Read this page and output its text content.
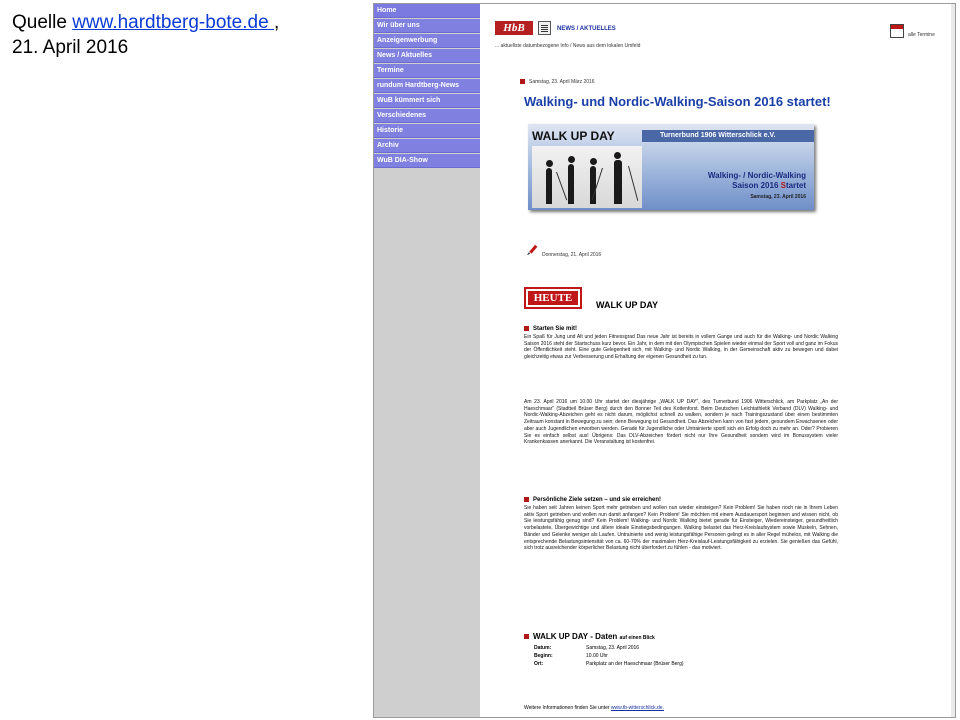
Quelle www.hardtberg-bote.de ,
21. April 2016
Home
Wir über uns
Anzeigenwerbung
News / Aktuelles
Termine
rundum Hardtberg-News
WuB kümmert sich
Verschiedenes
Historie
Archiv
WuB DIA-Show
HbB	NEWS / AKTUELLES
... aktuellste datumbezogene Info / News aus dem lokalen Umfeld
alle Termine
Samstag, 23. April März 2016
Walking- und Nordic-Walking-Saison 2016 startet!
WALK UP DAY	Turnerbund 1906 Witterschlick e.V.
Walking- / Nordic-Walking
Saison 2016 Startet
Samstag, 23. April 2016
Donnerstag, 21. April 2016
HEUTE
WALK UP DAY
Starten Sie mit!
Ein Spaß für Jung und Alt und jeden Fitnessgrad Das neue Jahr ist bereits in vollem Gange und auch für die Walking- und Nordic Walking Saison 2016 steht der Startschuss kurz bevor. Ein Jahr, in dem mit den Olympischen Spielen wieder einmal der Sport voll und ganz im Fokus der Öffentlichkeit steht. Eine gute Gelegenheit sich, mit Walking- und Nordic Walking, in der Gemeinschaft aktiv zu bewegen und dabei gleichzeitig etwas zur Verbesserung und Erhaltung der eigenen Gesundheit zu tun.
Am 23. April 2016 um 10.00 Uhr startet der diesjährige „WALK UP DAY", des Turnerbund 1906 Witterschlick, am Parkplatz „An der Haeschmaar" (Stadtteil Brüser Berg) durch den Bonner Teil des Kottenforst. Beim Deutschen Leichtathletik Verband (DLV) Walking- und Nordic-Walking-Abzeichen geht es nicht darum, möglichst schnell zu walken, sondern je nach Trainingszustand über einen bestimmten Zeitraum konstant in Bewegung zu sein; denn Bewegung ist Gesundheit. Das Abzeichen kann von fast jedem, gesundem Erwachsenen oder aber auch Jugendlichen erworben werden. Gerade für Jugendliche oder Untrainierte sportl sich ein Erfolg doch zu mehr an. Oder? Probieren Sie es einfach selbst aus! Übrigens: Das DLV-Abzeichen fördert nicht nur Ihre Gesundheit sondern wird im Bonussystem vieler Krankenkassen anerkannt. Die Veranstaltung ist kostenfrei.
Persönliche Ziele setzen – und sie erreichen!
Sie haben seit Jahren keinen Sport mehr getrieben und wollen nun wieder einsteigen? Kein Problem! Sie haben noch nie in Ihrem Leben aktiv Sport getrieben und wollen nun damit anfangen? Kein Problem! Sie möchten mit einem Ausdauersport beginnen und wissen nicht, ob Sie leistungsfähig genug sind? Kein Problem! Walking- und Nordic Walking bietet gerade für Einsteiger, Wiedereinsteiger, gesundheitlich vorbelastete, Übergewichtige und ältere ideale Einstiegsbedingungen. Walking belastet das Herz-Kreislaufsystem sowie Muskeln, Sehnen, Bänder und Gelenke weniger als Laufen. Untrainierte und wenig leistungsfähige Personen gelingt es in aller Regel mühelos, mit Walking die entsprechende Belastungsintensität von ca. 60-70% der maximalen Herz-Kreislauf-Leistungsfähigkeit zu erzielen. Sie genießen das Gefühl, sich trotz ausreichender körperlicher Belastung nicht überfordert zu fühlen - das motiviert.
WALK UP DAY - Daten auf einen Blick
Datum:	Samstag, 23. April 2016
Beginn:	10.00 Uhr
Ort:	Parkplatz an der Haeschmaar (Brüser Berg)
Weitere Informationen finden Sie unter www.tb-witterschlick.de.
